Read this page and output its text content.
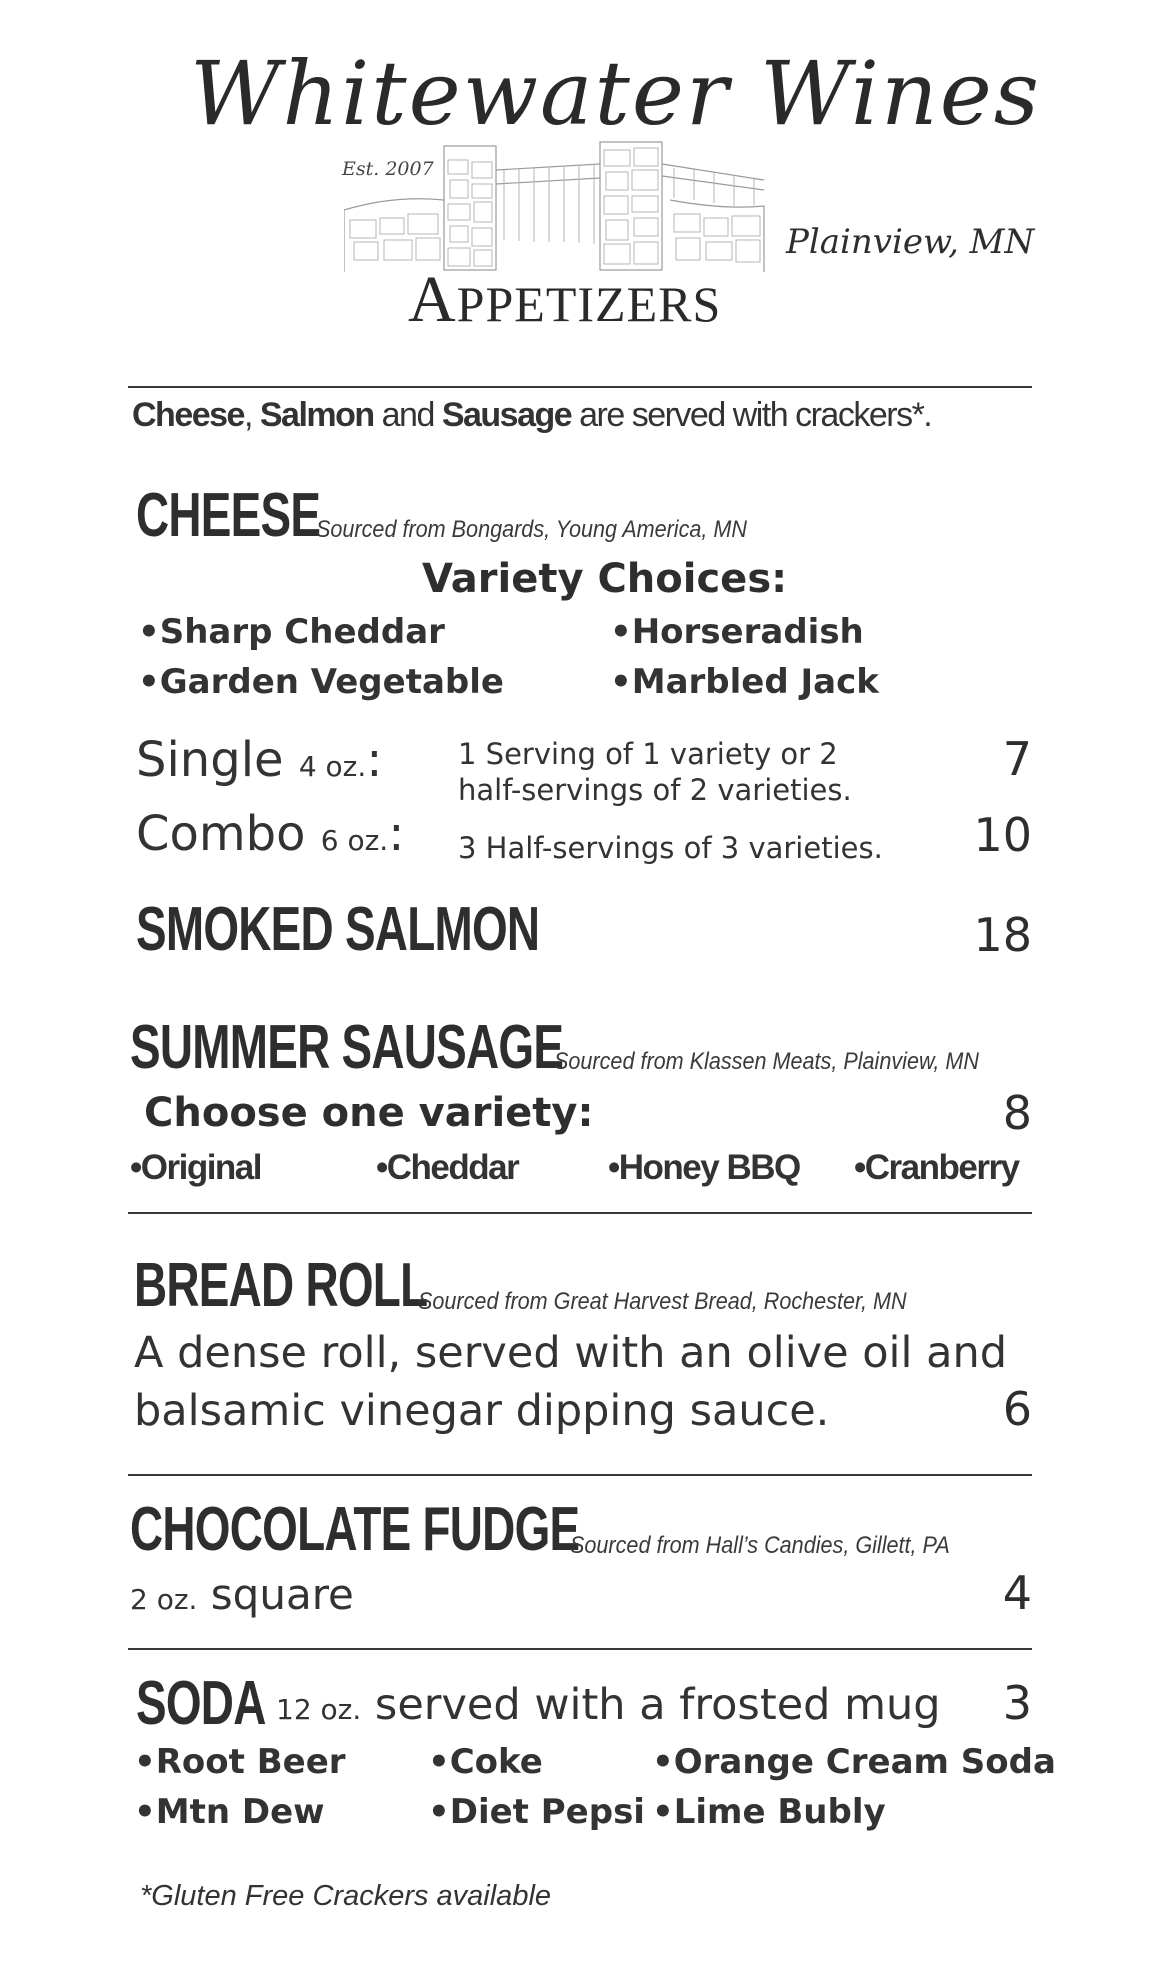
Whitewater Wines
Est. 2007
Plainview, MN
APPETIZERS
Cheese, Salmon and Sausage are served with crackers*.
CHEESE
Sourced from Bongards, Young America, MN
Variety Choices:
•Sharp Cheddar	•Horseradish
•Garden Vegetable	•Marbled Jack
Single 4 oz.:	1 Serving of 1 variety or 2
half-servings of 2 varieties.
7
Combo 6 oz.: 3 Half-servings of 3 varieties. 10
SMOKED SALMON	18
SUMMER SAUSAGE
Sourced from Klassen Meats, Plainview, MN
Choose one variety:	8
•Original	•Cheddar	•Honey BBQ •Cranberry
BREAD ROLL
Sourced from Great Harvest Bread, Rochester, MN
A dense roll, served with an olive oil and
balsamic vinegar dipping sauce.	6
CHOCOLATE FUDGE
Sourced from Hall’s Candies, Gillett, PA
2 oz. square	4
SODA 12 oz. served with a frosted mug 3
•Root Beer •Coke	•Orange Cream Soda
•Mtn Dew	•Diet Pepsi •Lime Bubly
*Gluten Free Crackers available
